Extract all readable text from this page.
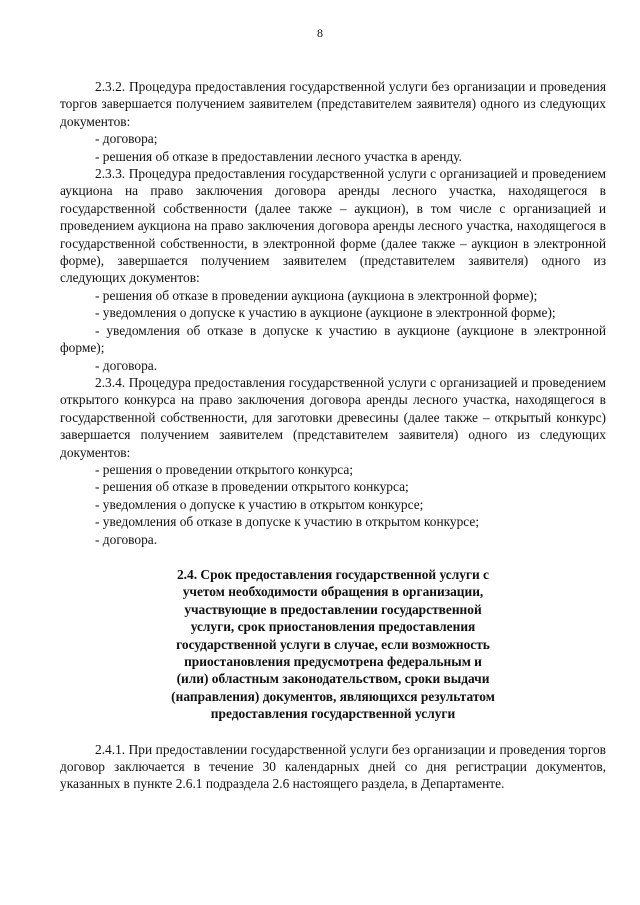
8

2.3.2. Процедура предоставления государственной услуги без организации и проведения торгов завершается получением заявителем (представителем заявителя) одного из следующих документов:

- договора;

- решения об отказе в предоставлении лесного участка в аренду.

2.3.3. Процедура предоставления государственной услуги с организацией и проведением аукциона на право заключения договора аренды лесного участка, находящегося в государственной собственности (далее также – аукцион), в том числе с организацией и проведением аукциона на право заключения договора аренды лесного участка, находящегося в государственной собственности, в электронной форме (далее также – аукцион в электронной форме), завершается получением заявителем (представителем заявителя) одного из следующих документов:

- решения об отказе в проведении аукциона (аукциона в электронной форме);

- уведомления о допуске к участию в аукционе (аукционе в электронной форме);

- уведомления об отказе в допуске к участию в аукционе (аукционе в электронной форме);

- договора.

2.3.4. Процедура предоставления государственной услуги с организацией и проведением открытого конкурса на право заключения договора аренды лесного участка, находящегося в государственной собственности, для заготовки древесины (далее также – открытый конкурс) завершается получением заявителем (представителем заявителя) одного из следующих документов:

- решения о проведении открытого конкурса;

- решения об отказе в проведении открытого конкурса;

- уведомления о допуске к участию в открытом конкурсе;

- уведомления об отказе в допуске к участию в открытом конкурсе;

- договора.

2.4. Срок предоставления государственной услуги с учетом необходимости обращения в организации, участвующие в предоставлении государственной услуги, срок приостановления предоставления государственной услуги в случае, если возможность приостановления предусмотрена федеральным и (или) областным законодательством, сроки выдачи (направления) документов, являющихся результатом предоставления государственной услуги

2.4.1. При предоставлении государственной услуги без организации и проведения торгов договор заключается в течение 30 календарных дней со дня регистрации документов, указанных в пункте 2.6.1 подраздела 2.6 настоящего раздела, в Департаменте.
